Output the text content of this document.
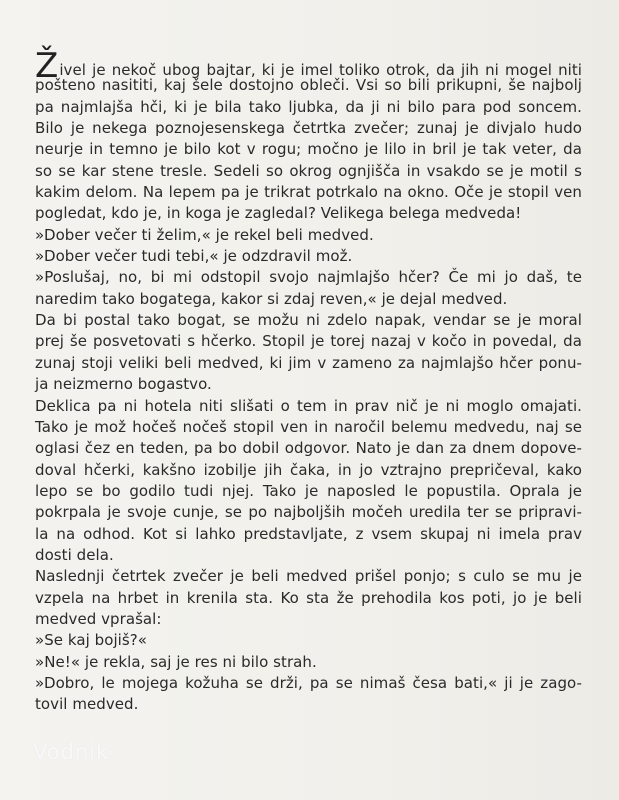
Živel je nekoč ubog bajtar, ki je imel toliko otrok, da jih ni mogel niti
pošteno nasititi, kaj šele dostojno obleči. Vsi so bili prikupni, še najbolj
pa najmlajša hči, ki je bila tako ljubka, da ji ni bilo para pod soncem.
Bilo je nekega poznojesenskega četrtka zvečer; zunaj je divjalo hudo
neurje in temno je bilo kot v rogu; močno je lilo in bril je tak veter, da
so se kar stene tresle. Sedeli so okrog ognjišča in vsakdo se je motil s
kakim delom. Na lepem pa je trikrat potrkalo na okno. Oče je stopil ven
pogledat, kdo je, in koga je zagledal? Velikega belega medveda!
»Dober večer ti želim,« je rekel beli medved.
»Dober večer tudi tebi,« je odzdravil mož.
»Poslušaj, no, bi mi odstopil svojo najmlajšo hčer? Če mi jo daš, te
naredim tako bogatega, kakor si zdaj reven,« je dejal medved.
Da bi postal tako bogat, se možu ni zdelo napak, vendar se je moral
prej še posvetovati s hčerko. Stopil je torej nazaj v kočo in povedal, da
zunaj stoji veliki beli medved, ki jim v zameno za najmlajšo hčer ponu-
ja neizmerno bogastvo.
Deklica pa ni hotela niti slišati o tem in prav nič je ni moglo omajati.
Tako je mož hočeš nočeš stopil ven in naročil belemu medvedu, naj se
oglasi čez en teden, pa bo dobil odgovor. Nato je dan za dnem dopove-
doval hčerki, kakšno izobilje jih čaka, in jo vztrajno prepričeval, kako
lepo se bo godilo tudi njej. Tako je naposled le popustila. Oprala je
pokrpala je svoje cunje, se po najboljših močeh uredila ter se pripravi-
la na odhod. Kot si lahko predstavljate, z vsem skupaj ni imela prav
dosti dela.
Naslednji četrtek zvečer je beli medved prišel ponjo; s culo se mu je
vzpela na hrbet in krenila sta. Ko sta že prehodila kos poti, jo je beli
medved vprašal:
»Se kaj bojiš?«
»Ne!« je rekla, saj je res ni bilo strah.
»Dobro, le mojega kožuha se drži, pa se nimaš česa bati,« ji je zago-
tovil medved.
Vodnik
